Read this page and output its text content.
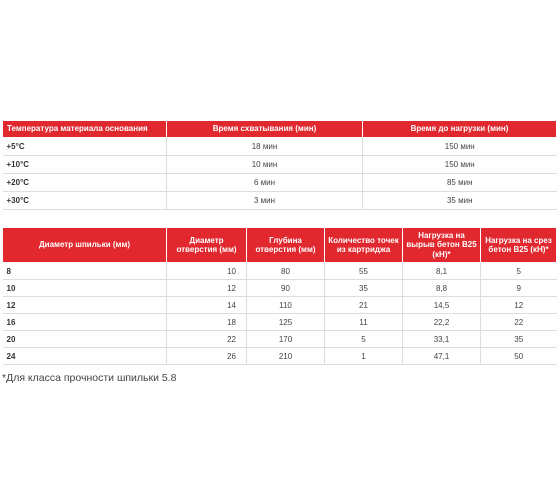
Температура материала основания	Время схватывания (мин)	Время до нагрузки (мин)
+5°C	18 мин	150 мин
+10°C	10 мин	150 мин
+20°C	6 мин	85 мин
+30°C	3 мин	35 мин
Диаметр шпильки (мм)	Диаметр отверстия (мм)	Глубина отверстия (мм)	Количество точек из картриджа	Нагрузка на вырыв бетон B25 (кН)*	Нагрузка на срез бетон B25 (кН)*
8	10	80	55	8,1	5
10	12	90	35	8,8	9
12	14	110	21	14,5	12
16	18	125	11	22,2	22
20	22	170	5	33,1	35
24	26	210	1	47,1	50
*Для класса прочности шпильки 5.8
